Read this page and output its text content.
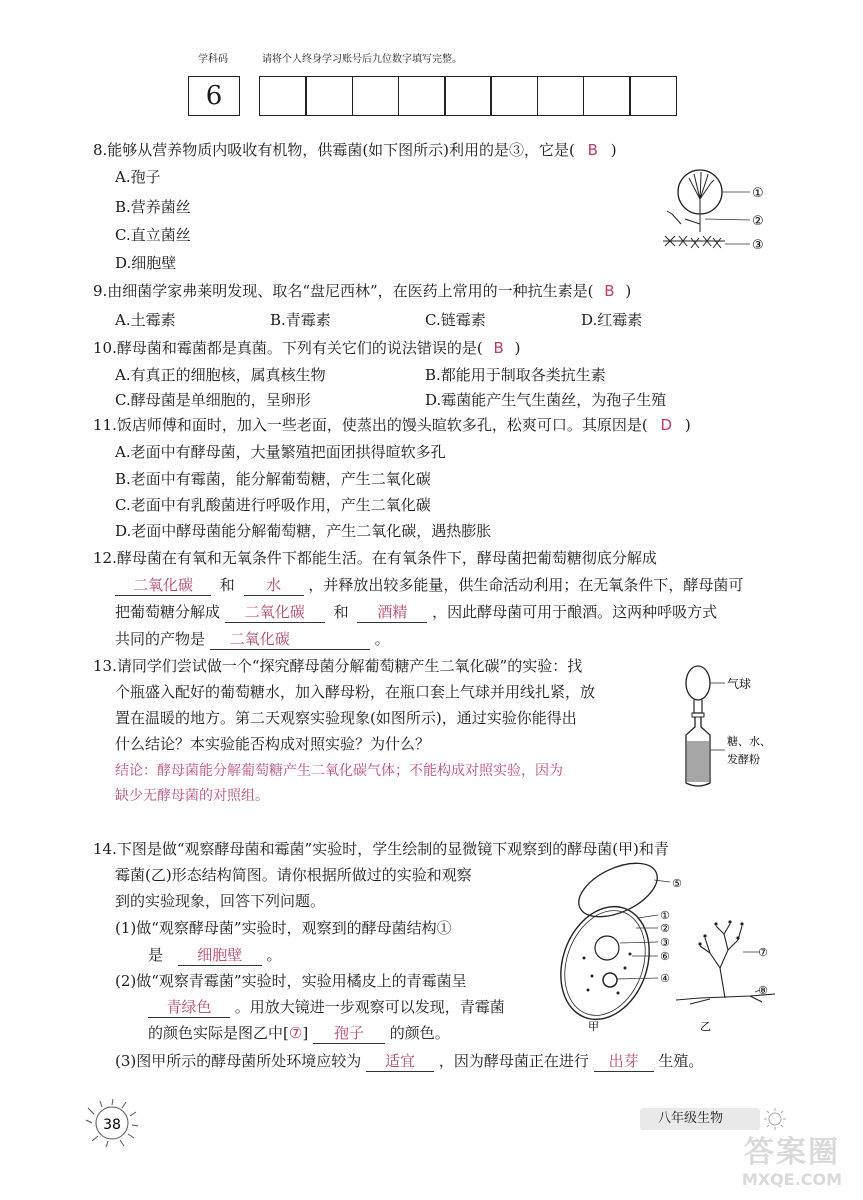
学科码	请将个人终身学习账号后九位数字填写完整。
6
8.能够从营养物质内吸收有机物，供霉菌(如下图所示)利用的是③，它是( B )
A.孢子
B.营养菌丝
C.直立菌丝
D.细胞壁
①
②
③
9.由细菌学家弗莱明发现、取名“盘尼西林”，在医药上常用的一种抗生素是( B )
A.土霉素	B.青霉素	C.链霉素	D.红霉素
10.酵母菌和霉菌都是真菌。下列有关它们的说法错误的是( B )
A.有真正的细胞核，属真核生物	B.都能用于制取各类抗生素
C.酵母菌是单细胞的，呈卵形	D.霉菌能产生气生菌丝，为孢子生殖
11.饭店师傅和面时，加入一些老面，使蒸出的馒头暄软多孔，松爽可口。其原因是( D )
A.老面中有酵母菌，大量繁殖把面团拱得暄软多孔
B.老面中有霉菌，能分解葡萄糖，产生二氧化碳
C.老面中有乳酸菌进行呼吸作用，产生二氧化碳
D.老面中酵母菌能分解葡萄糖，产生二氧化碳，遇热膨胀
12.酵母菌在有氧和无氧条件下都能生活。在有氧条件下，酵母菌把葡萄糖彻底分解成
二氧化碳 和 水 ，并释放出较多能量，供生命活动利用；在无氧条件下，酵母菌可
把葡萄糖分解成 二氧化碳 和 酒精 ，因此酵母菌可用于酿酒。这两种呼吸方式
共同的产物是 二氧化碳	。
13.请同学们尝试做一个“探究酵母菌分解葡萄糖产生二氧化碳”的实验：找
个瓶盛入配好的葡萄糖水，加入酵母粉，在瓶口套上气球并用线扎紧，放
置在温暖的地方。第二天观察实验现象(如图所示)，通过实验你能得出
什么结论？本实验能否构成对照实验？为什么？
结论：酵母菌能分解葡萄糖产生二氧化碳气体；不能构成对照实验，因为
缺少无酵母菌的对照组。
气球
糖、水、
发酵粉
14.下图是做“观察酵母菌和霉菌”实验时，学生绘制的显微镜下观察到的酵母菌(甲)和青
霉菌(乙)形态结构简图。请你根据所做过的实验和观察
到的实验现象，回答下列问题。
(1)做“观察酵母菌”实验时，观察到的酵母菌结构①
是 细胞壁 。
(2)做“观察青霉菌”实验时，实验用橘皮上的青霉菌呈
青绿色 。用放大镜进一步观察可以发现，青霉菌
的颜色实际是图乙中[⑦] 孢子 的颜色。
(3)图甲所示的酵母菌所处环境应较为 适宜 ，因为酵母菌正在进行 出芽 生殖。
⑤
①
②
③
⑥
④
甲
⑦
⑧
乙
38	八年级生物
答案圈
MXQE.COM
